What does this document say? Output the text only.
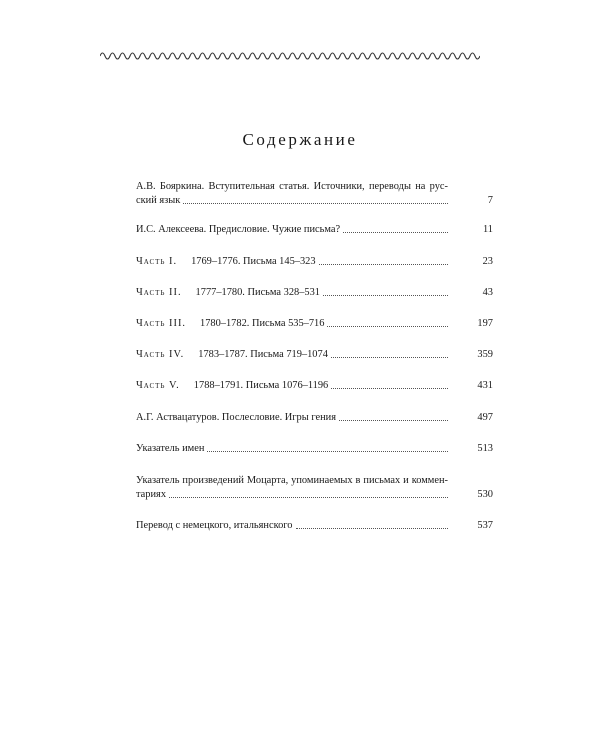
Содержание
А.В. Бояркина. Вступительная статья. Источники, переводы на рус-
ский язык	7
И.С. Алексеева. Предисловие. Чужие письма?	11
Часть I. 1769–1776. Письма 145–323	23
Часть II. 1777–1780. Письма 328–531	43
Часть III. 1780–1782. Письма 535–716	197
Часть IV. 1783–1787. Письма 719–1074	359
Часть V. 1788–1791. Письма 1076–1196	431
А.Г. Аствацатуров. Послесловие. Игры гения	497
Указатель имен	513
Указатель произведений Моцарта, упоминаемых в письмах и коммен-
тариях	530
Перевод с немецкого, итальянского	537
